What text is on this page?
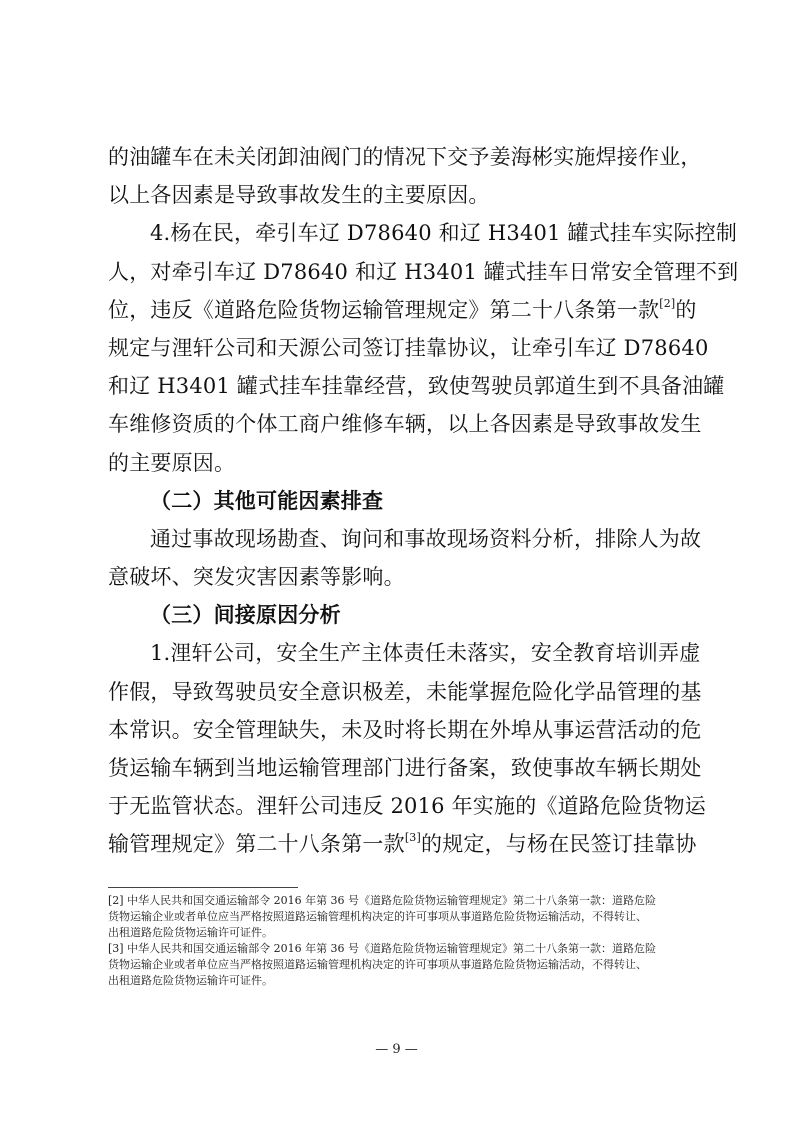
的油罐车在未关闭卸油阀门的情况下交予姜海彬实施焊接作业，
以上各因素是导致事故发生的主要原因。
4.杨在民，牵引车辽 D78640 和辽 H3401 罐式挂车实际控制
人，对牵引车辽 D78640 和辽 H3401 罐式挂车日常安全管理不到
位，违反《道路危险货物运输管理规定》第二十八条第一款[2]的
规定与浬轩公司和天源公司签订挂靠协议，让牵引车辽 D78640
和辽 H3401 罐式挂车挂靠经营，致使驾驶员郭道生到不具备油罐
车维修资质的个体工商户维修车辆，以上各因素是导致事故发生
的主要原因。
（二）其他可能因素排查
通过事故现场勘查、询问和事故现场资料分析，排除人为故
意破坏、突发灾害因素等影响。
（三）间接原因分析
1.浬轩公司，安全生产主体责任未落实，安全教育培训弄虚
作假，导致驾驶员安全意识极差，未能掌握危险化学品管理的基
本常识。安全管理缺失，未及时将长期在外埠从事运营活动的危
货运输车辆到当地运输管理部门进行备案，致使事故车辆长期处
于无监管状态。浬轩公司违反 2016 年实施的《道路危险货物运
输管理规定》第二十八条第一款[3]的规定，与杨在民签订挂靠协
[2] 中华人民共和国交通运输部令 2016 年第 36 号《道路危险货物运输管理规定》第二十八条第一款：道路危险
货物运输企业或者单位应当严格按照道路运输管理机构决定的许可事项从事道路危险货物运输活动，不得转让、
出租道路危险货物运输许可证件。
[3] 中华人民共和国交通运输部令 2016 年第 36 号《道路危险货物运输管理规定》第二十八条第一款：道路危险
货物运输企业或者单位应当严格按照道路运输管理机构决定的许可事项从事道路危险货物运输活动，不得转让、
出租道路危险货物运输许可证件。
— 9 —
